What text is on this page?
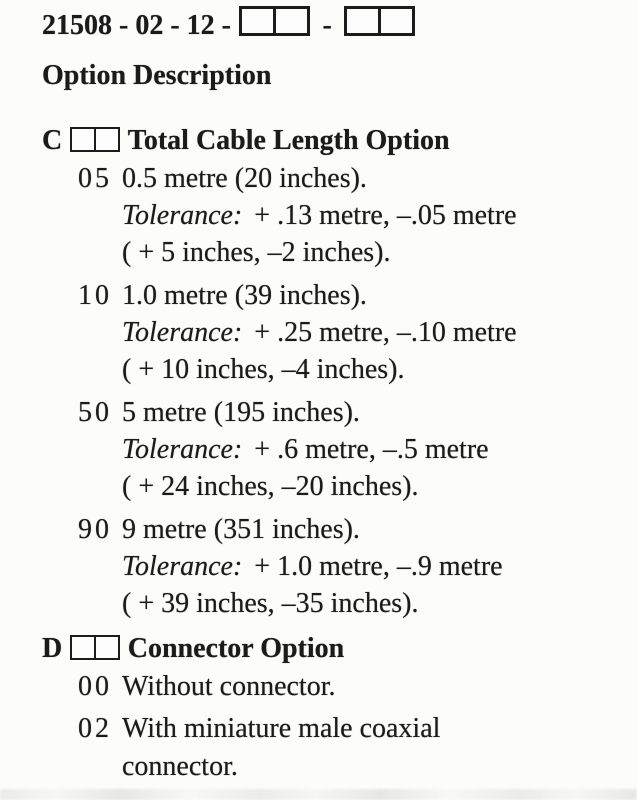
21508 - 02 - 12 -	-
Option Description
C Total Cable Length Option
05 0.5 metre (20 inches).
Tolerance: + .13 metre, –.05 metre
( + 5 inches, –2 inches).
10 1.0 metre (39 inches).
Tolerance: + .25 metre, –.10 metre
( + 10 inches, –4 inches).
50 5 metre (195 inches).
Tolerance: + .6 metre, –.5 metre
( + 24 inches, –20 inches).
90 9 metre (351 inches).
Tolerance: + 1.0 metre, –.9 metre
( + 39 inches, –35 inches).
D Connector Option
00 Without connector.
02 With miniature male coaxial connector.
